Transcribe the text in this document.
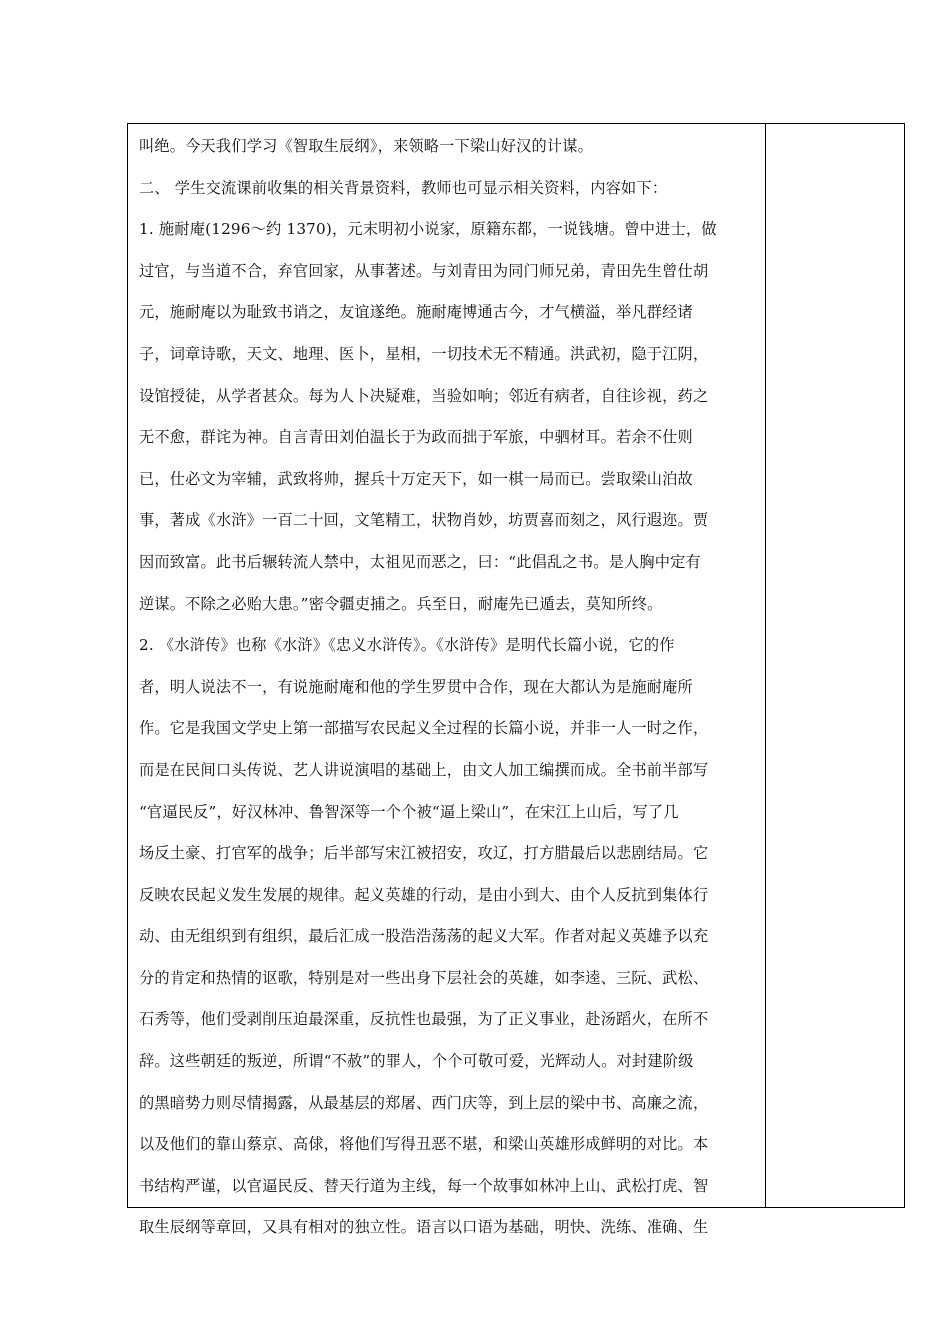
叫绝。今天我们学习《智取生辰纲》，来领略一下梁山好汉的计谋。
二、 学生交流课前收集的相关背景资料，教师也可显示相关资料，内容如下：
1. 施耐庵(1296～约 1370)，元末明初小说家，原籍东都，一说钱塘。曾中进士，做
过官，与当道不合，弃官回家，从事著述。与刘青田为同门师兄弟，青田先生曾仕胡
元，施耐庵以为耻致书诮之，友谊遂绝。施耐庵博通古今，才气横溢，举凡群经诸
子，词章诗歌，天文、地理、医卜，星相，一切技术无不精通。洪武初，隐于江阴，
设馆授徒，从学者甚众。每为人卜决疑难，当验如响；邻近有病者，自往诊视，药之
无不愈，群诧为神。自言青田刘伯温长于为政而拙于军旅，中驷材耳。若余不仕则
已，仕必文为宰辅，武致将帅，握兵十万定天下，如一棋一局而已。尝取梁山泊故
事，著成《水浒》一百二十回，文笔精工，状物肖妙，坊贾喜而刻之，风行遐迩。贾
因而致富。此书后辗转流人禁中，太祖见而恶之，曰：“此倡乱之书。是人胸中定有
逆谋。不除之必贻大患。”密令疆吏捕之。兵至日，耐庵先已遁去，莫知所终。
2. 《水浒传》也称《水浒》《忠义水浒传》。《水浒传》是明代长篇小说，它的作
者，明人说法不一，有说施耐庵和他的学生罗贯中合作，现在大都认为是施耐庵所
作。它是我国文学史上第一部描写农民起义全过程的长篇小说，并非一人一时之作，
而是在民间口头传说、艺人讲说演唱的基础上，由文人加工编撰而成。全书前半部写
“官逼民反”，好汉林冲、鲁智深等一个个被“逼上梁山”，在宋江上山后，写了几
场反土豪、打官军的战争；后半部写宋江被招安，攻辽，打方腊最后以悲剧结局。它
反映农民起义发生发展的规律。起义英雄的行动，是由小到大、由个人反抗到集体行
动、由无组织到有组织，最后汇成一股浩浩荡荡的起义大军。作者对起义英雄予以充
分的肯定和热情的讴歌，特别是对一些出身下层社会的英雄，如李逵、三阮、武松、
石秀等，他们受剥削压迫最深重，反抗性也最强，为了正义事业，赴汤蹈火，在所不
辞。这些朝廷的叛逆，所谓“不赦”的罪人，个个可敬可爱，光辉动人。对封建阶级
的黑暗势力则尽情揭露，从最基层的郑屠、西门庆等，到上层的梁中书、高廉之流，
以及他们的靠山蔡京、高俅，将他们写得丑恶不堪，和梁山英雄形成鲜明的对比。本
书结构严谨，以官逼民反、替天行道为主线，每一个故事如林冲上山、武松打虎、智
取生辰纲等章回，又具有相对的独立性。语言以口语为基础，明快、洗练、准确、生
